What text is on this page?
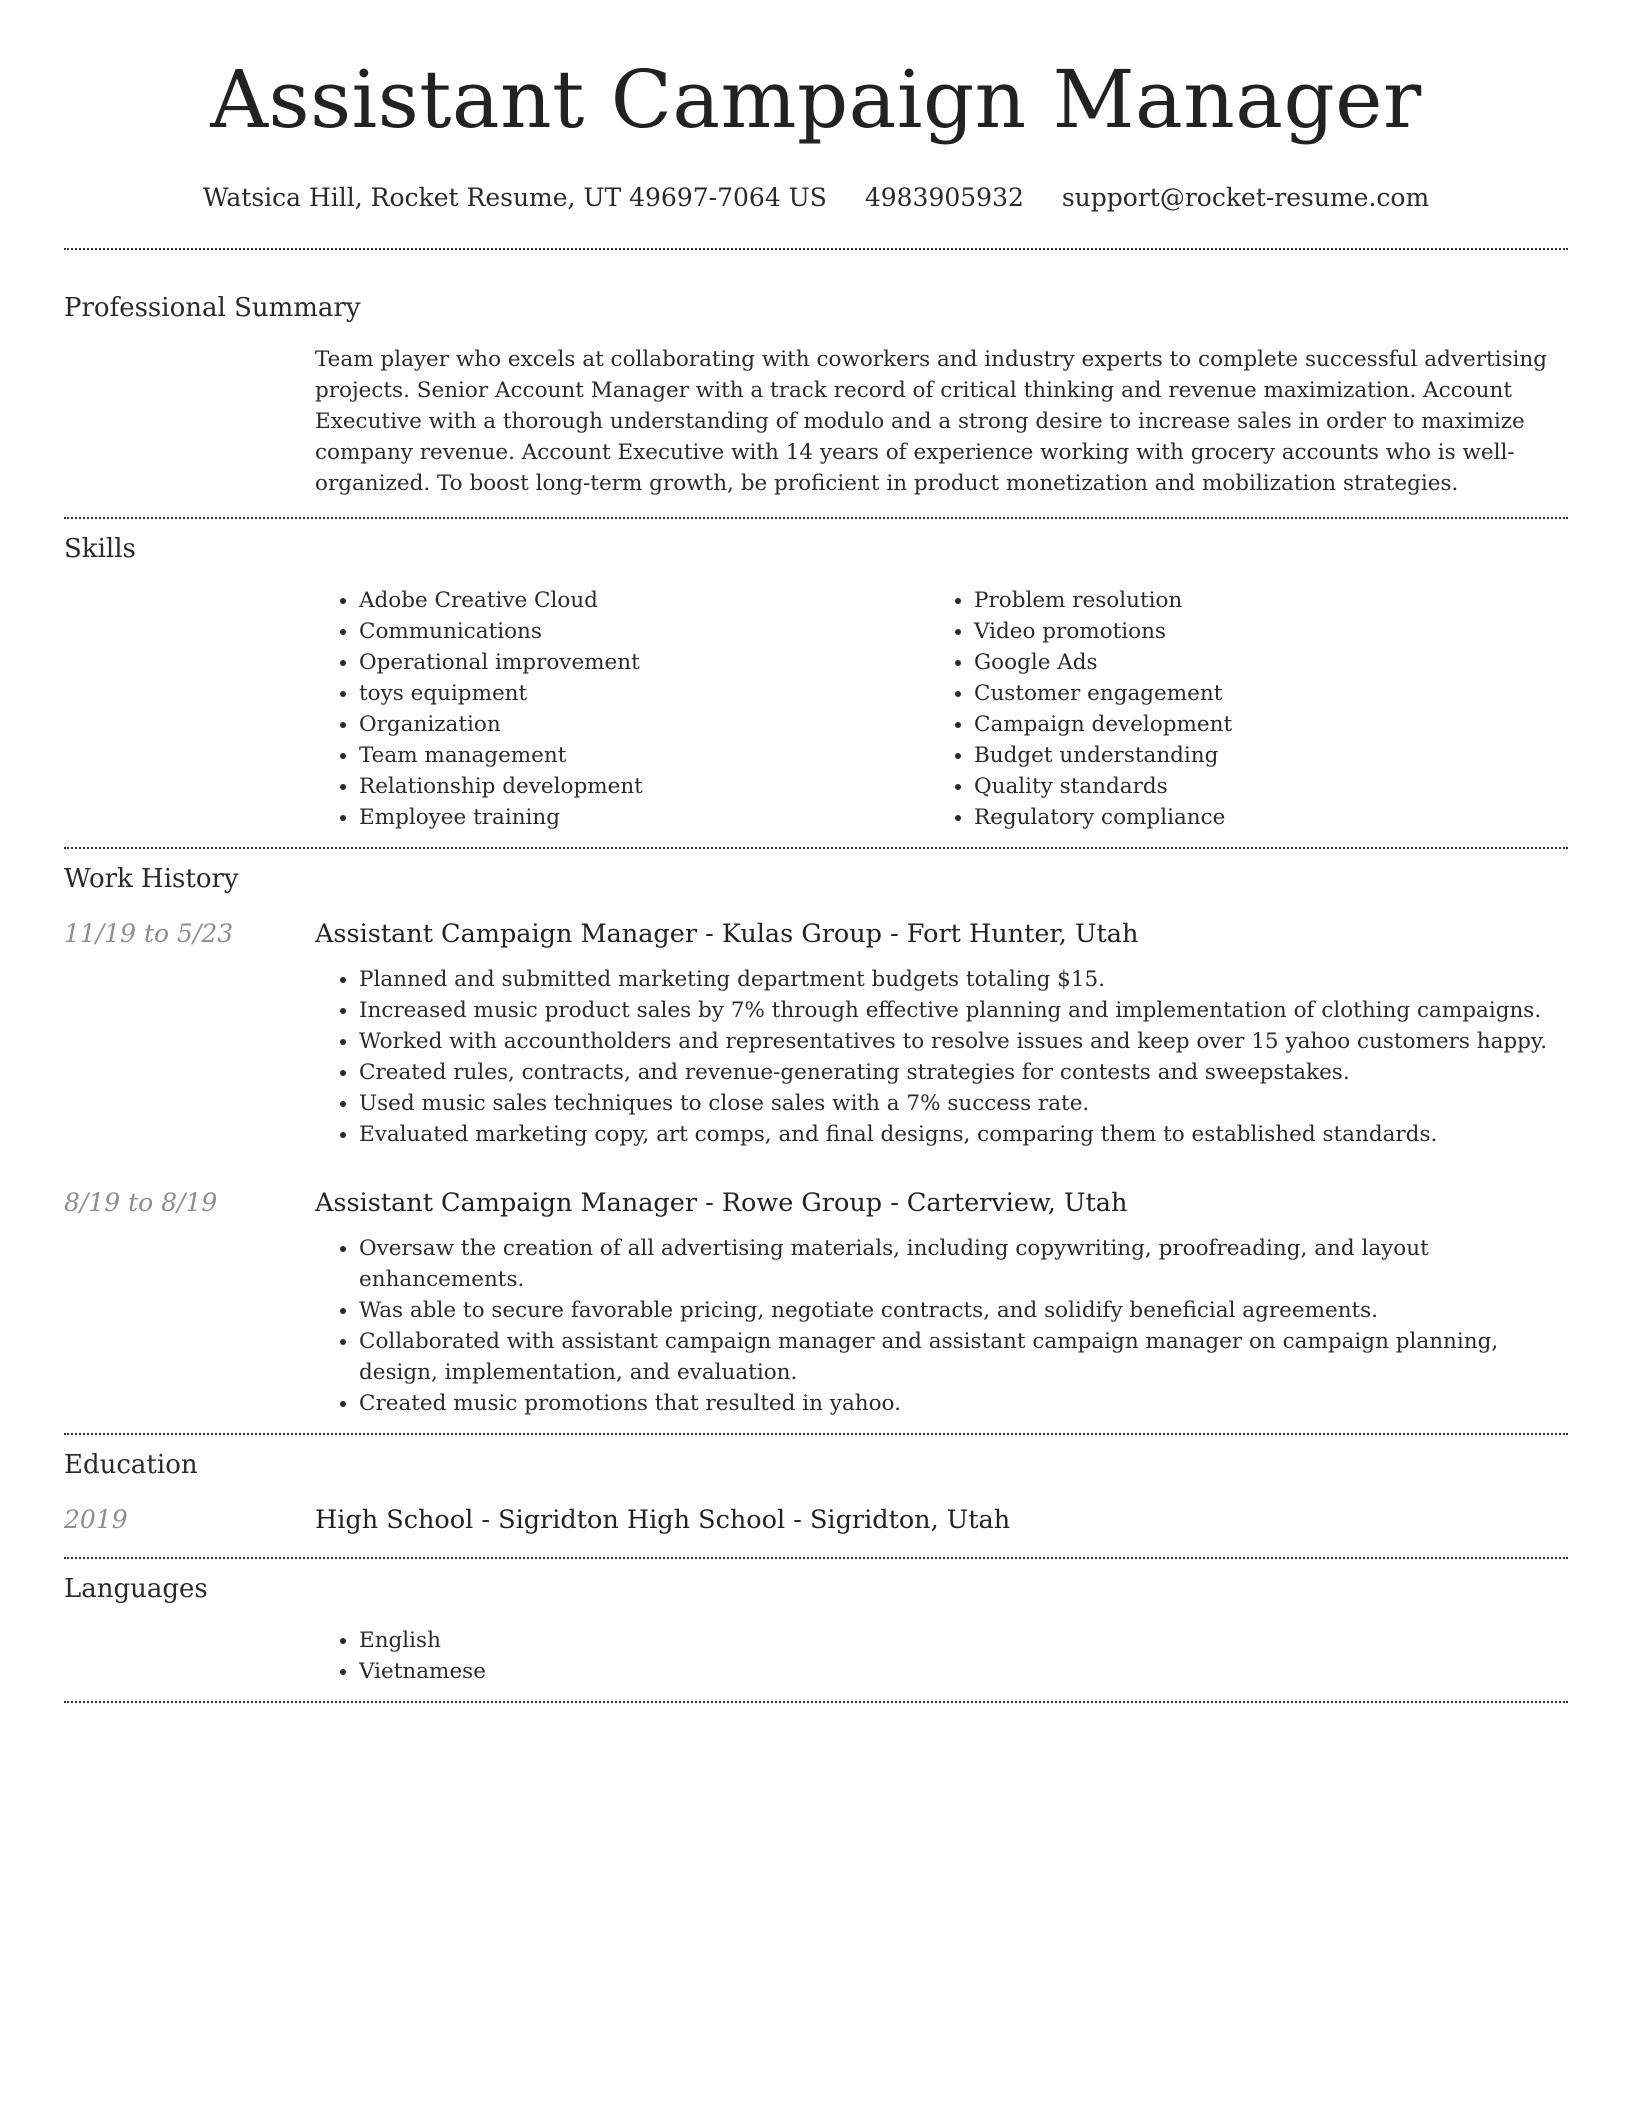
Assistant Campaign Manager
Watsica Hill, Rocket Resume, UT 49697-7064 US 4983905932 support@rocket-resume.com
Professional Summary

Team player who excels at collaborating with coworkers and industry experts to complete successful advertising projects. Senior Account Manager with a track record of critical thinking and revenue maximization. Account Executive with a thorough understanding of modulo and a strong desire to increase sales in order to maximize company revenue. Account Executive with 14 years of experience working with grocery accounts who is well-organized. To boost long-term growth, be proficient in product monetization and mobilization strategies.

Skills
• Adobe Creative Cloud
• Communications
• Operational improvement
• toys equipment
• Organization
• Team management
• Relationship development
• Employee training
• Problem resolution
• Video promotions
• Google Ads
• Customer engagement
• Campaign development
• Budget understanding
• Quality standards
• Regulatory compliance
Work History
11/19 to 5/23	Assistant Campaign Manager - Kulas Group - Fort Hunter, Utah
• Planned and submitted marketing department budgets totaling $15.
• Increased music product sales by 7% through effective planning and implementation of clothing campaigns.
• Worked with accountholders and representatives to resolve issues and keep over 15 yahoo customers happy.
• Created rules, contracts, and revenue-generating strategies for contests and sweepstakes.
• Used music sales techniques to close sales with a 7% success rate.
• Evaluated marketing copy, art comps, and final designs, comparing them to established standards.
8/19 to 8/19	Assistant Campaign Manager - Rowe Group - Carterview, Utah
• Oversaw the creation of all advertising materials, including copywriting, proofreading, and layout enhancements.
• Was able to secure favorable pricing, negotiate contracts, and solidify beneficial agreements.
• Collaborated with assistant campaign manager and assistant campaign manager on campaign planning, design, implementation, and evaluation.
• Created music promotions that resulted in yahoo.
Education
2019	High School - Sigridton High School - Sigridton, Utah
Languages
• English
• Vietnamese
